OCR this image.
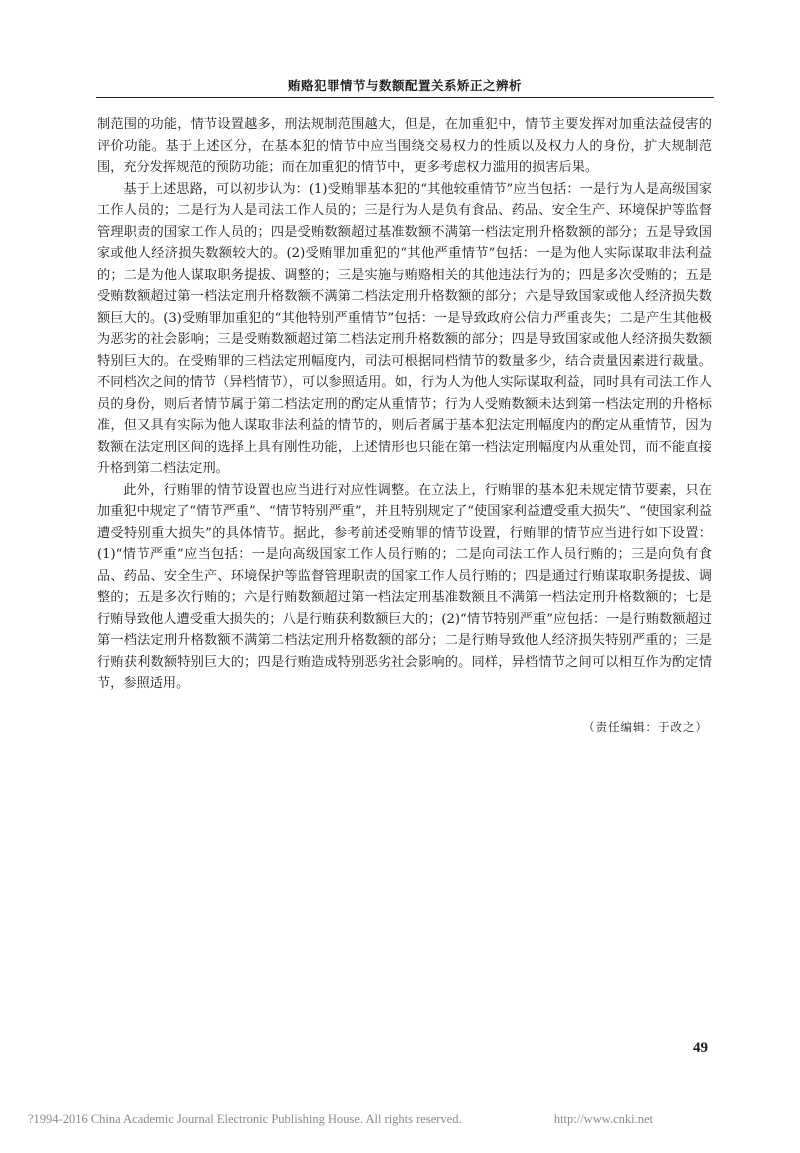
贿赂犯罪情节与数额配置关系矫正之辨析

制范围的功能，情节设置越多，刑法规制范围越大，但是，在加重犯中，情节主要发挥对加重法益侵害的评价功能。基于上述区分，在基本犯的情节中应当围绕交易权力的性质以及权力人的身份，扩大规制范围，充分发挥规范的预防功能；而在加重犯的情节中，更多考虑权力滥用的损害后果。

基于上述思路，可以初步认为：(1)受贿罪基本犯的“其他较重情节”应当包括：一是行为人是高级国家工作人员的；二是行为人是司法工作人员的；三是行为人是负有食品、药品、安全生产、环境保护等监督管理职责的国家工作人员的；四是受贿数额超过基准数额不满第一档法定刑升格数额的部分；五是导致国家或他人经济损失数额较大的。(2)受贿罪加重犯的“其他严重情节”包括：一是为他人实际谋取非法利益的；二是为他人谋取职务提拔、调整的；三是实施与贿赂相关的其他违法行为的；四是多次受贿的；五是受贿数额超过第一档法定刑升格数额不满第二档法定刑升格数额的部分；六是导致国家或他人经济损失数额巨大的。(3)受贿罪加重犯的“其他特别严重情节”包括：一是导致政府公信力严重丧失；二是产生其他极为恶劣的社会影响；三是受贿数额超过第二档法定刑升格数额的部分；四是导致国家或他人经济损失数额特别巨大的。在受贿罪的三档法定刑幅度内，司法可根据同档情节的数量多少，结合责量因素进行裁量。不同档次之间的情节（异档情节），可以参照适用。如，行为人为他人实际谋取利益，同时具有司法工作人员的身份，则后者情节属于第二档法定刑的酌定从重情节；行为人受贿数额未达到第一档法定刑的升格标准，但又具有实际为他人谋取非法利益的情节的，则后者属于基本犯法定刑幅度内的酌定从重情节，因为数额在法定刑区间的选择上具有刚性功能，上述情形也只能在第一档法定刑幅度内从重处罚，而不能直接升格到第二档法定刑。

此外，行贿罪的情节设置也应当进行对应性调整。在立法上，行贿罪的基本犯未规定情节要素，只在加重犯中规定了“情节严重”、“情节特别严重”，并且特别规定了“使国家利益遭受重大损失”、“使国家利益遭受特别重大损失”的具体情节。据此，参考前述受贿罪的情节设置，行贿罪的情节应当进行如下设置：(1)“情节严重”应当包括：一是向高级国家工作人员行贿的；二是向司法工作人员行贿的；三是向负有食品、药品、安全生产、环境保护等监督管理职责的国家工作人员行贿的；四是通过行贿谋取职务提拔、调整的；五是多次行贿的；六是行贿数额超过第一档法定刑基准数额且不满第一档法定刑升格数额的；七是行贿导致他人遭受重大损失的；八是行贿获利数额巨大的；(2)“情节特别严重”应包括：一是行贿数额超过第一档法定刑升格数额不满第二档法定刑升格数额的部分；二是行贿导致他人经济损失特别严重的；三是行贿获利数额特别巨大的；四是行贿造成特别恶劣社会影响的。同样，异档情节之间可以相互作为酌定情节，参照适用。

（责任编辑：于改之）
49
?1994-2016 China Academic Journal Electronic Publishing House. All rights reserved.	http://www.cnki.net
